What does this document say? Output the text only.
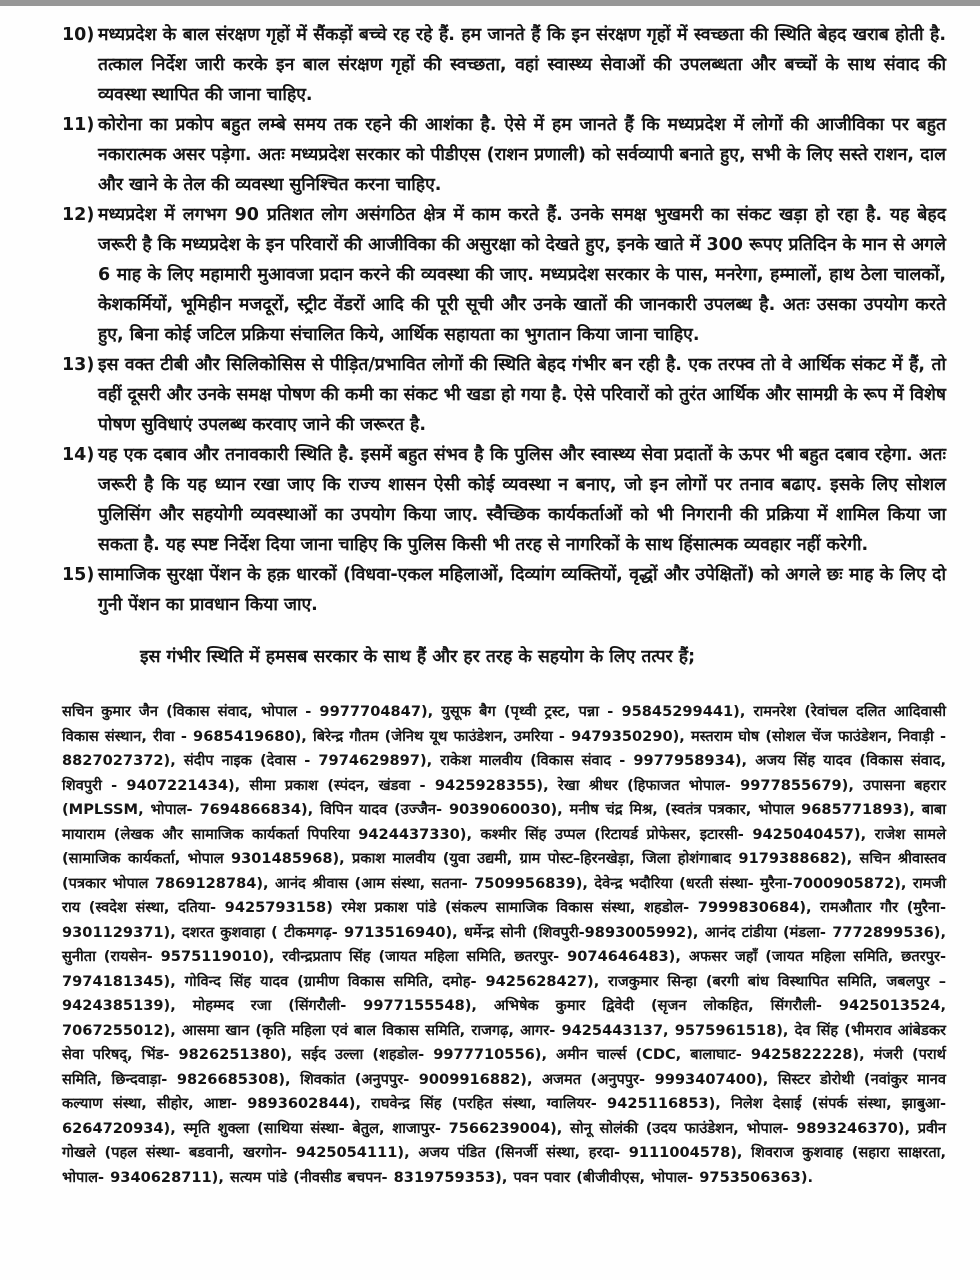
10) मध्यप्रदेश के बाल संरक्षण गृहों में सैंकड़ों बच्चे रह रहे हैं. हम जानते हैं कि इन संरक्षण गृहों में स्वच्छता की स्थिति बेहद खराब होती है. तत्काल निर्देश जारी करके इन बाल संरक्षण गृहों की स्वच्छता, वहां स्वास्थ्य सेवाओं की उपलब्धता और बच्चों के साथ संवाद की व्यवस्था स्थापित की जाना चाहिए.
11) कोरोना का प्रकोप बहुत लम्बे समय तक रहने की आशंका है. ऐसे में हम जानते हैं कि मध्यप्रदेश में लोगों की आजीविका पर बहुत नकारात्मक असर पड़ेगा. अतः मध्यप्रदेश सरकार को पीडीएस (राशन प्रणाली) को सर्वव्यापी बनाते हुए, सभी के लिए सस्ते राशन, दाल और खाने के तेल की व्यवस्था सुनिश्चित करना चाहिए.
12) मध्यप्रदेश में लगभग 90 प्रतिशत लोग असंगठित क्षेत्र में काम करते हैं. उनके समक्ष भुखमरी का संकट खड़ा हो रहा है. यह बेहद जरूरी है कि मध्यप्रदेश के इन परिवारों की आजीविका की असुरक्षा को देखते हुए, इनके खाते में 300 रूपए प्रतिदिन के मान से अगले 6 माह के लिए महामारी मुआवजा प्रदान करने की व्यवस्था की जाए. मध्यप्रदेश सरकार के पास, मनरेगा, हम्मालों, हाथ ठेला चालकों, केशकर्मियों, भूमिहीन मजदूरों, स्ट्रीट वेंडरों आदि की पूरी सूची और उनके खातों की जानकारी उपलब्ध है. अतः उसका उपयोग करते हुए, बिना कोई जटिल प्रक्रिया संचालित किये, आर्थिक सहायता का भुगतान किया जाना चाहिए.
13) इस वक्त टीबी और सिलिकोसिस से पीड़ित/प्रभावित लोगों की स्थिति बेहद गंभीर बन रही है. एक तरफ्व तो वे आर्थिक संकट में हैं, तो वहीं दूसरी और उनके समक्ष पोषण की कमी का संकट भी खडा हो गया है. ऐसे परिवारों को तुरंत आर्थिक और सामग्री के रूप में विशेष पोषण सुविधाएं उपलब्ध करवाए जाने की जरूरत है.
14) यह एक दबाव और तनावकारी स्थिति है. इसमें बहुत संभव है कि पुलिस और स्वास्थ्य सेवा प्रदातों के ऊपर भी बहुत दबाव रहेगा. अतः जरूरी है कि यह ध्यान रखा जाए कि राज्य शासन ऐसी कोई व्यवस्था न बनाए, जो इन लोगों पर तनाव बढाए. इसके लिए सोशल पुलिसिंग और सहयोगी व्यवस्थाओं का उपयोग किया जाए. स्वैच्छिक कार्यकर्ताओं को भी निगरानी की प्रक्रिया में शामिल किया जा सकता है. यह स्पष्ट निर्देश दिया जाना चाहिए कि पुलिस किसी भी तरह से नागरिकों के साथ हिंसात्मक व्यवहार नहीं करेगी.
15) सामाजिक सुरक्षा पेंशन के हक़ धारकों (विधवा-एकल महिलाओं, दिव्यांग व्यक्तियों, वृद्धों और उपेक्षितों) को अगले छः माह के लिए दो गुनी पेंशन का प्रावधान किया जाए.

इस गंभीर स्थिति में हमसब सरकार के साथ हैं और हर तरह के सहयोग के लिए तत्पर हैं;

सचिन कुमार जैन (विकास संवाद, भोपाल - 9977704847), युसूफ बैग (पृथ्वी ट्रस्ट, पन्ना - 95845299441), रामनरेश (रेवांचल दलित आदिवासी विकास संस्थान, रीवा - 9685419680), बिरेन्द्र गौतम (जेनिथ यूथ फाउंडेशन, उमरिया - 9479350290), मस्तराम घोष (सोशल चेंज फाउंडेशन, निवाड़ी - 8827027372), संदीप नाइक (देवास - 7974629897), राकेश मालवीय (विकास संवाद - 9977958934), अजय सिंह यादव (विकास संवाद, शिवपुरी - 9407221434), सीमा प्रकाश (स्पंदन, खंडवा - 9425928355), रेखा श्रीधर (हिफाजत भोपाल- 9977855679), उपासना बहरार (MPLSSM, भोपाल- 7694866834), विपिन यादव (उज्जैन- 9039060030), मनीष चंद्र मिश्र, (स्वतंत्र पत्रकार, भोपाल 9685771893), बाबा मायाराम (लेखक और सामाजिक कार्यकर्ता पिपरिया 9424437330), कश्मीर सिंह उप्पल (रिटायर्ड प्रोफेसर, इटारसी- 9425040457), राजेश सामले (सामाजिक कार्यकर्ता, भोपाल 9301485968), प्रकाश मालवीय (युवा उद्यमी, ग्राम पोस्ट–हिरनखेड़ा, जिला होशंगाबाद 9179388682), सचिन श्रीवास्तव (पत्रकार भोपाल 7869128784), आनंद श्रीवास (आम संस्था, सतना- 7509956839), देवेन्द्र भदौरिया (धरती संस्था- मुरैना-7000905872), रामजी राय (स्वदेश संस्था, दतिया- 9425793158) रमेश प्रकाश पांडे (संकल्प सामाजिक विकास संस्था, शहडोल- 7999830684), रामऔतार गौर (मुरैना- 9301129371), दशरत कुशवाहा ( टीकमगढ़- 9713516940), धर्मेन्द्र सोनी (शिवपुरी-9893005992), आनंद टांडीया (मंडला- 7772899536), सुनीता (रायसेन- 9575119010), रवीन्द्रप्रताप सिंह (जायत महिला समिति, छतरपुर- 9074646483), अफसर जहाँ (जायत महिला समिति, छतरपुर- 7974181345), गोविन्द सिंह यादव (ग्रामीण विकास समिति, दमोह- 9425628427), राजकुमार सिन्हा (बरगी बांध विस्थापित समिति, जबलपुर – 9424385139), मोहम्मद रजा (सिंगरौली- 9977155548), अभिषेक कुमार द्विवेदी (सृजन लोकहित, सिंगरौली- 9425013524, 7067255012), आसमा खान (कृति महिला एवं बाल विकास समिति, राजगढ़, आगर- 9425443137, 9575961518), देव सिंह (भीमराव आंबेडकर सेवा परिषद्, भिंड- 9826251380), सईद उल्ला (शहडोल- 9977710556), अमीन चार्ल्स (CDC, बालाघाट- 9425822228), मंजरी (परार्थ समिति, छिन्दवाड़ा- 9826685308), शिवकांत (अनुपपुर- 9009916882), अजमत (अनुपपुर- 9993407400), सिस्टर डोरोथी (नवांकुर मानव कल्याण संस्था, सीहोर, आष्टा- 9893602844), राघवेन्द्र सिंह (परहित संस्था, ग्वालियर- 9425116853), निलेश देसाई (संपर्क संस्था, झाबुआ- 6264720934), स्मृति शुक्ला (साथिया संस्था- बेतुल, शाजापुर- 7566239004), सोनू सोलंकी (उदय फाउंडेशन, भोपाल- 9893246370), प्रवीन गोखले (पहल संस्था- बडवानी, खरगोन- 9425054111), अजय पंडित (सिनर्जी संस्था, हरदा- 9111004578), शिवराज कुशवाह (सहारा साक्षरता, भोपाल- 9340628711), सत्यम पांडे (नीवसीड बचपन- 8319759353), पवन पवार (बीजीवीएस, भोपाल- 9753506363).
